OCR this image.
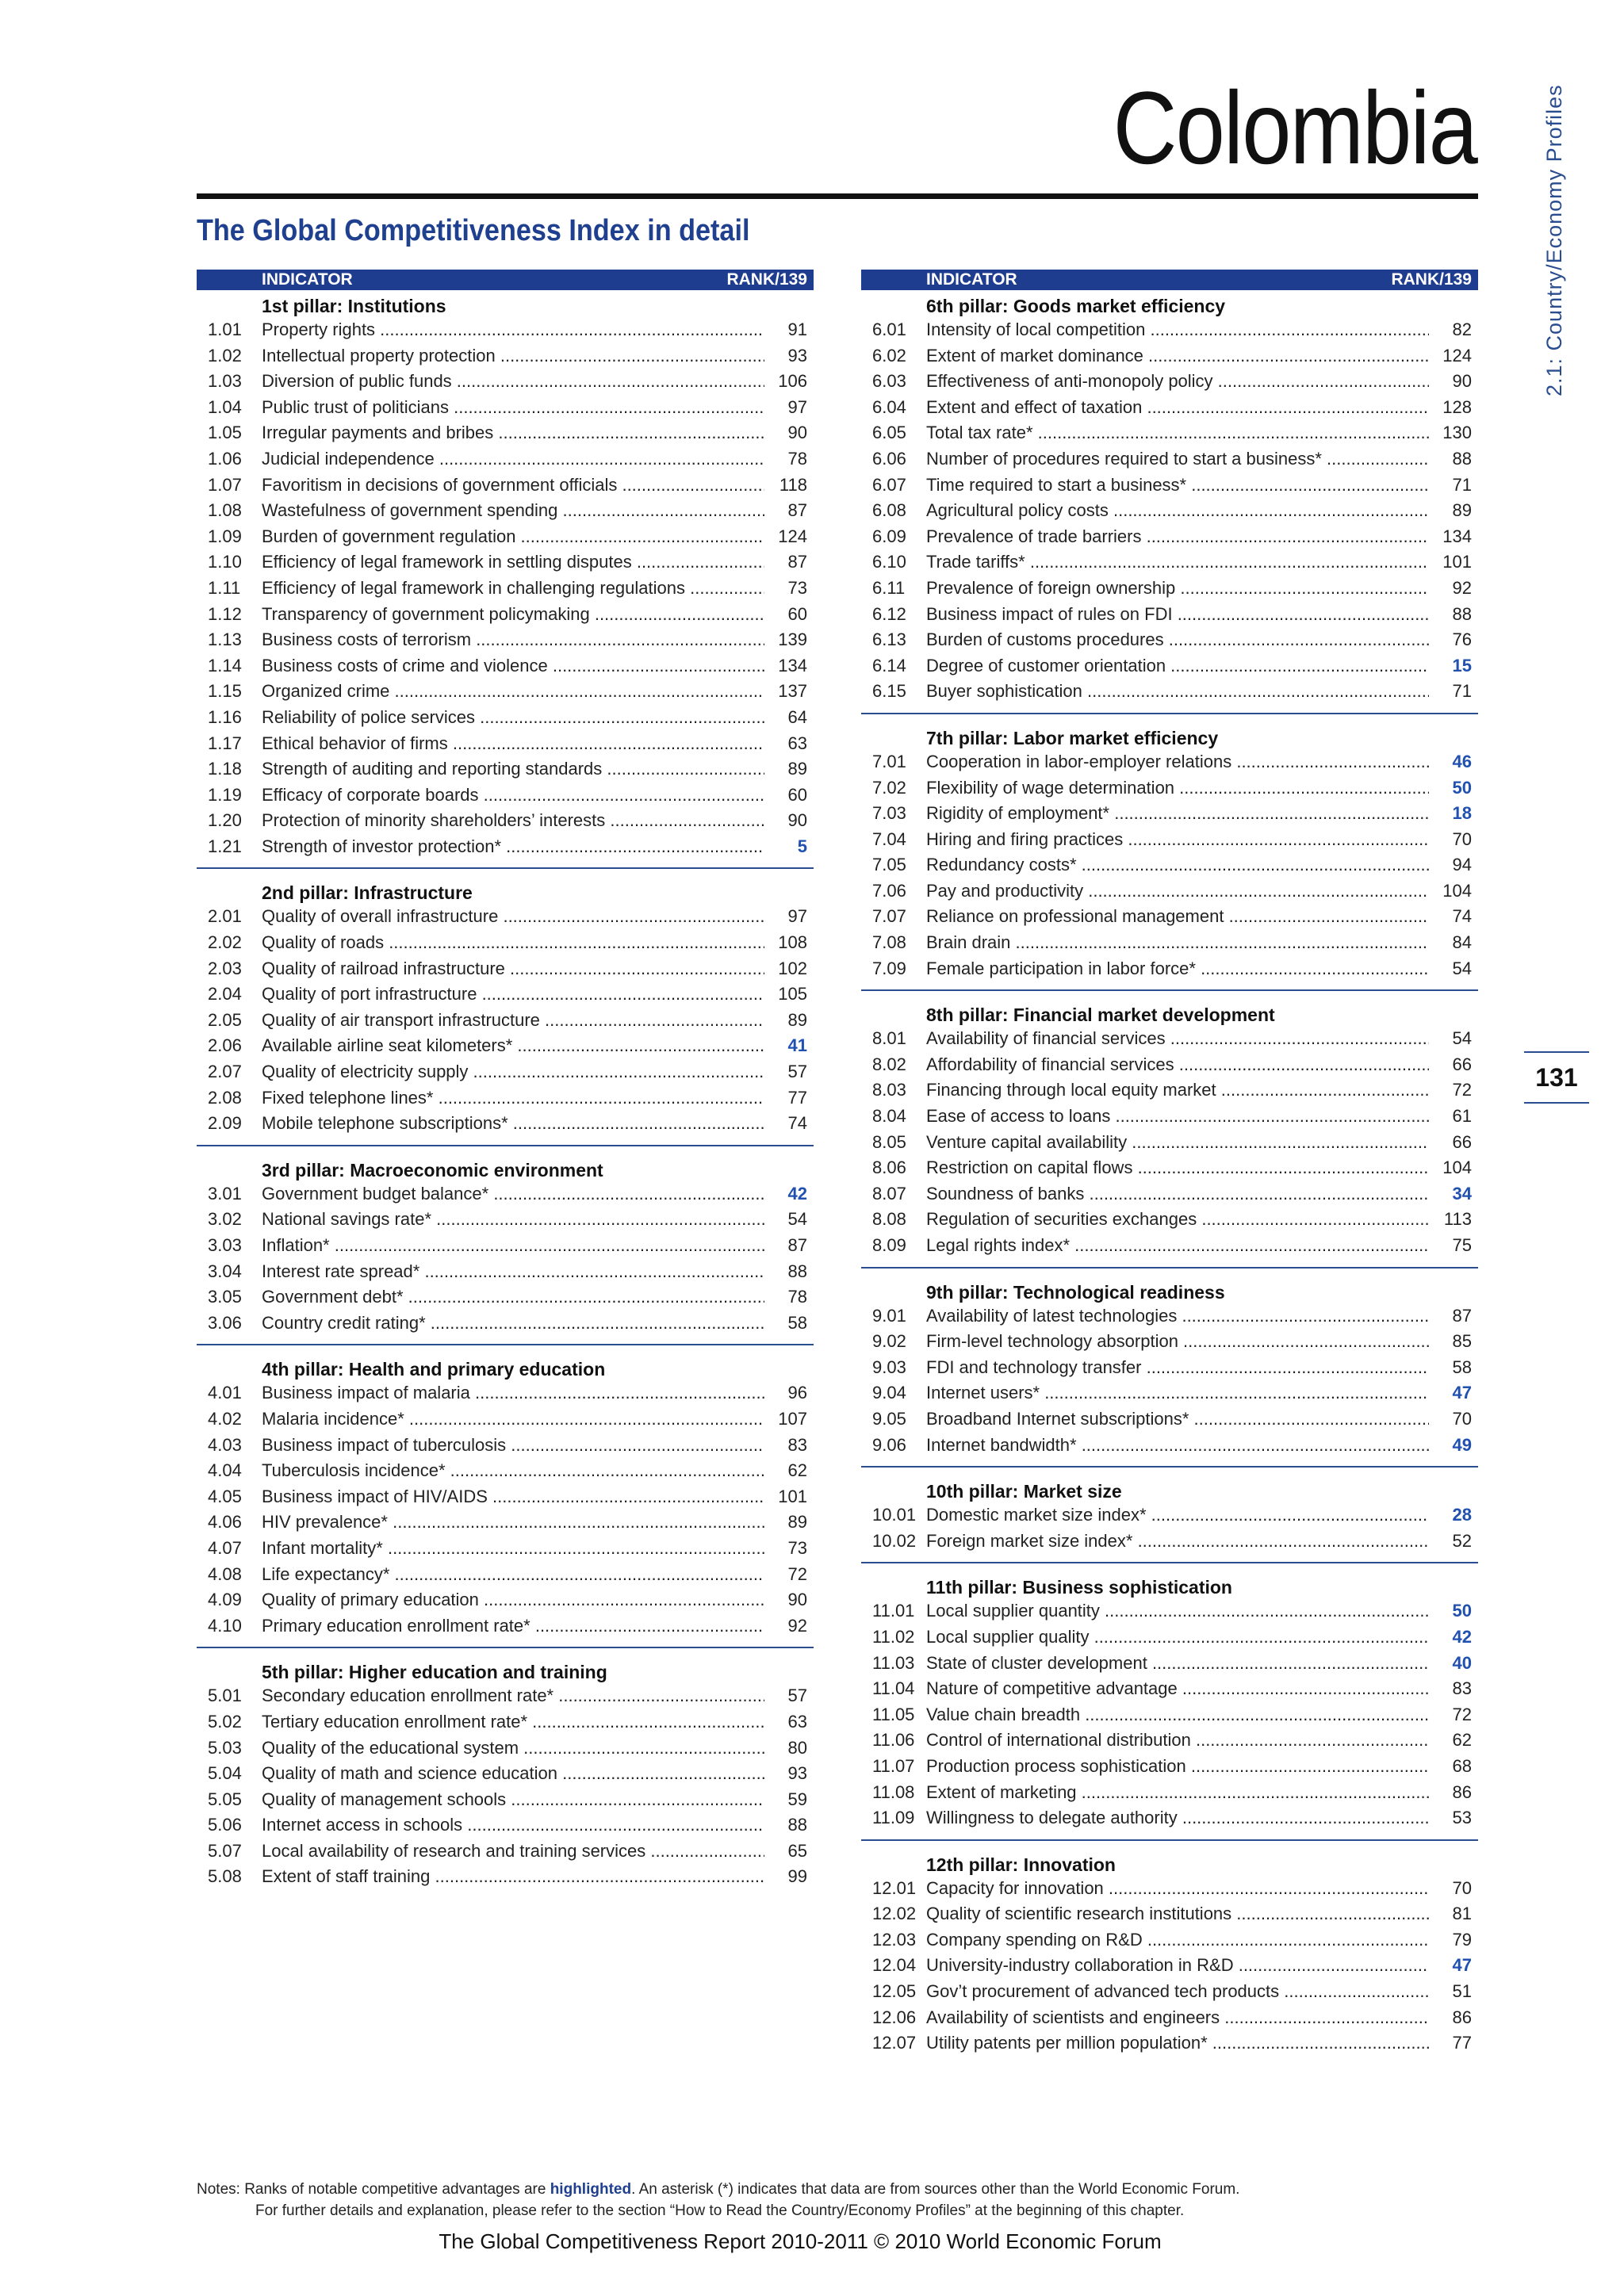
Colombia	2.1: Country/Economy Profiles
131
The Global Competitiveness Index in detail
INDICATOR	RANK/139
1st pillar: Institutions
1.01	Property rights .....	91
1.02	Intellectual property protection .....	93
1.03	Diversion of public funds .....	106
1.04	Public trust of politicians .....	97
1.05	Irregular payments and bribes .....	90
1.06	Judicial independence .....	78
1.07	Favoritism in decisions of government officials .....	118
1.08	Wastefulness of government spending .....	87
1.09	Burden of government regulation .....	124
1.10	Efficiency of legal framework in settling disputes .....	87
1.11	Efficiency of legal framework in challenging regulations .....	73
1.12	Transparency of government policymaking .....	60
1.13	Business costs of terrorism .....	139
1.14	Business costs of crime and violence .....	134
1.15	Organized crime .....	137
1.16	Reliability of police services .....	64
1.17	Ethical behavior of firms .....	63
1.18	Strength of auditing and reporting standards .....	89
1.19	Efficacy of corporate boards .....	60
1.20	Protection of minority shareholders’ interests .....	90
1.21	Strength of investor protection* .....	5
2nd pillar: Infrastructure
2.01	Quality of overall infrastructure .....	97
2.02	Quality of roads .....	108
2.03	Quality of railroad infrastructure .....	102
2.04	Quality of port infrastructure .....	105
2.05	Quality of air transport infrastructure .....	89
2.06	Available airline seat kilometers* .....	41
2.07	Quality of electricity supply .....	57
2.08	Fixed telephone lines* .....	77
2.09	Mobile telephone subscriptions* .....	74
3rd pillar: Macroeconomic environment
3.01	Government budget balance* .....	42
3.02	National savings rate* .....	54
3.03	Inflation* .....	87
3.04	Interest rate spread* .....	88
3.05	Government debt* .....	78
3.06	Country credit rating* .....	58
4th pillar: Health and primary education
4.01	Business impact of malaria .....	96
4.02	Malaria incidence* .....	107
4.03	Business impact of tuberculosis .....	83
4.04	Tuberculosis incidence* .....	62
4.05	Business impact of HIV/AIDS .....	101
4.06	HIV prevalence* .....	89
4.07	Infant mortality* .....	73
4.08	Life expectancy* .....	72
4.09	Quality of primary education .....	90
4.10	Primary education enrollment rate* .....	92
5th pillar: Higher education and training
5.01	Secondary education enrollment rate* .....	57
5.02	Tertiary education enrollment rate* .....	63
5.03	Quality of the educational system .....	80
5.04	Quality of math and science education .....	93
5.05	Quality of management schools .....	59
5.06	Internet access in schools .....	88
5.07	Local availability of research and training services .....	65
5.08	Extent of staff training .....	99
INDICATOR	RANK/139
6th pillar: Goods market efficiency
6.01	Intensity of local competition .....	82
6.02	Extent of market dominance .....	124
6.03	Effectiveness of anti-monopoly policy .....	90
6.04	Extent and effect of taxation .....	128
6.05	Total tax rate* .....	130
6.06	Number of procedures required to start a business* .....	88
6.07	Time required to start a business* .....	71
6.08	Agricultural policy costs .....	89
6.09	Prevalence of trade barriers .....	134
6.10	Trade tariffs* .....	101
6.11	Prevalence of foreign ownership .....	92
6.12	Business impact of rules on FDI .....	88
6.13	Burden of customs procedures .....	76
6.14	Degree of customer orientation .....	15
6.15	Buyer sophistication .....	71
7th pillar: Labor market efficiency
7.01	Cooperation in labor-employer relations .....	46
7.02	Flexibility of wage determination .....	50
7.03	Rigidity of employment* .....	18
7.04	Hiring and firing practices .....	70
7.05	Redundancy costs* .....	94
7.06	Pay and productivity .....	104
7.07	Reliance on professional management .....	74
7.08	Brain drain .....	84
7.09	Female participation in labor force* .....	54
8th pillar: Financial market development
8.01	Availability of financial services .....	54
8.02	Affordability of financial services .....	66
8.03	Financing through local equity market .....	72
8.04	Ease of access to loans .....	61
8.05	Venture capital availability .....	66
8.06	Restriction on capital flows .....	104
8.07	Soundness of banks .....	34
8.08	Regulation of securities exchanges .....	113
8.09	Legal rights index* .....	75
9th pillar: Technological readiness
9.01	Availability of latest technologies .....	87
9.02	Firm-level technology absorption .....	85
9.03	FDI and technology transfer .....	58
9.04	Internet users* .....	47
9.05	Broadband Internet subscriptions* .....	70
9.06	Internet bandwidth* .....	49
10th pillar: Market size
10.01 Domestic market size index* .....	28
10.02 Foreign market size index* .....	52
11th pillar: Business sophistication
11.01 Local supplier quantity .....	50
11.02 Local supplier quality .....	42
11.03 State of cluster development .....	40
11.04 Nature of competitive advantage .....	83
11.05 Value chain breadth .....	72
11.06 Control of international distribution .....	62
11.07 Production process sophistication .....	68
11.08 Extent of marketing .....	86
11.09 Willingness to delegate authority .....	53
12th pillar: Innovation
12.01 Capacity for innovation .....	70
12.02 Quality of scientific research institutions .....	81
12.03 Company spending on R&D .....	79
12.04 University-industry collaboration in R&D .....	47
12.05 Gov’t procurement of advanced tech products .....	51
12.06 Availability of scientists and engineers .....	86
12.07 Utility patents per million population* .....	77
Notes: Ranks of notable competitive advantages are highlighted. An asterisk (*) indicates that data are from sources other than the World Economic Forum.
For further details and explanation, please refer to the section “How to Read the Country/Economy Profiles” at the beginning of this chapter.
The Global Competitiveness Report 2010-2011 © 2010 World Economic Forum
